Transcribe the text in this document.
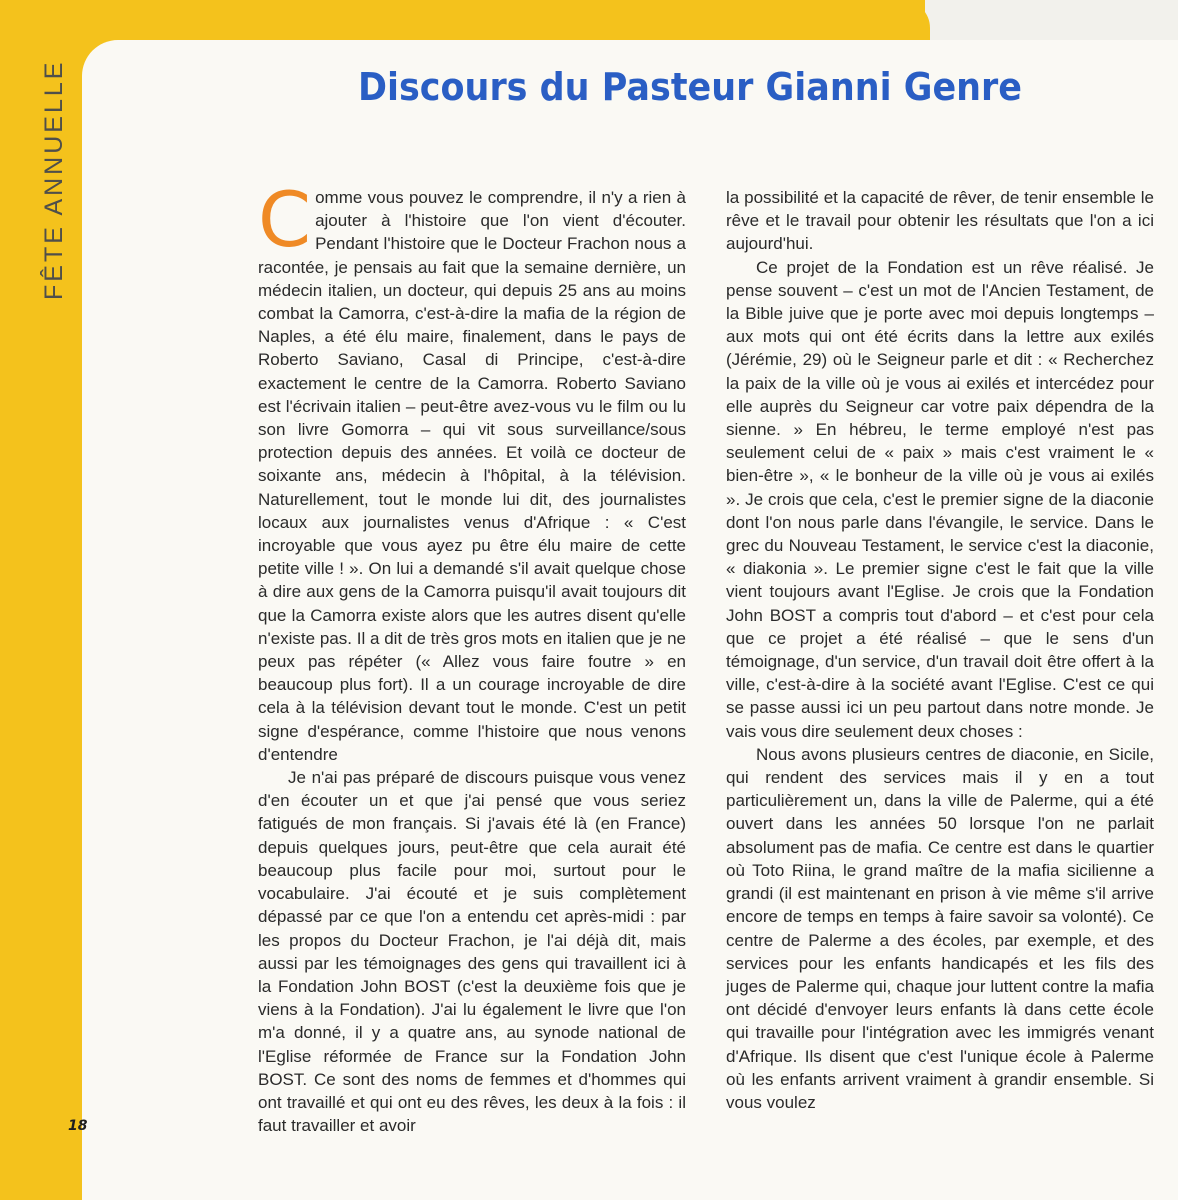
FÊTE ANNUELLE
18
Discours du Pasteur Gianni Genre

Comme vous pouvez le comprendre, il n'y a rien à ajouter à l'histoire que l'on vient d'écouter. Pendant l'histoire que le Docteur Frachon nous a racontée, je pensais au fait que la semaine dernière, un médecin italien, un docteur, qui depuis 25 ans au moins combat la Camorra, c'est-à-dire la mafia de la région de Naples, a été élu maire, finalement, dans le pays de Roberto Saviano, Casal di Principe, c'est-à-dire exactement le centre de la Camorra. Roberto Saviano est l'écrivain italien – peut-être avez-vous vu le film ou lu son livre Gomorra – qui vit sous surveillance/sous protection depuis des années. Et voilà ce docteur de soixante ans, médecin à l'hôpital, à la télévision. Naturellement, tout le monde lui dit, des journalistes locaux aux journalistes venus d'Afrique : « C'est incroyable que vous ayez pu être élu maire de cette petite ville ! ». On lui a demandé s'il avait quelque chose à dire aux gens de la Camorra puisqu'il avait toujours dit que la Camorra existe alors que les autres disent qu'elle n'existe pas. Il a dit de très gros mots en italien que je ne peux pas répéter (« Allez vous faire foutre » en beaucoup plus fort). Il a un courage incroyable de dire cela à la télévision devant tout le monde. C'est un petit signe d'espérance, comme l'histoire que nous venons d'entendre

Je n'ai pas préparé de discours puisque vous venez d'en écouter un et que j'ai pensé que vous seriez fatigués de mon français. Si j'avais été là (en France) depuis quelques jours, peut-être que cela aurait été beaucoup plus facile pour moi, surtout pour le vocabulaire. J'ai écouté et je suis complètement dépassé par ce que l'on a entendu cet après-midi : par les propos du Docteur Frachon, je l'ai déjà dit, mais aussi par les témoignages des gens qui travaillent ici à la Fondation John BOST (c'est la deuxième fois que je viens à la Fondation). J'ai lu également le livre que l'on m'a donné, il y a quatre ans, au synode national de l'Eglise réformée de France sur la Fondation John BOST. Ce sont des noms de femmes et d'hommes qui ont travaillé et qui ont eu des rêves, les deux à la fois : il faut travailler et avoir

la possibilité et la capacité de rêver, de tenir ensemble le rêve et le travail pour obtenir les résultats que l'on a ici aujourd'hui.

Ce projet de la Fondation est un rêve réalisé. Je pense souvent – c'est un mot de l'Ancien Testament, de la Bible juive que je porte avec moi depuis longtemps – aux mots qui ont été écrits dans la lettre aux exilés (Jérémie, 29) où le Seigneur parle et dit : « Recherchez la paix de la ville où je vous ai exilés et intercédez pour elle auprès du Seigneur car votre paix dépendra de la sienne. » En hébreu, le terme employé n'est pas seulement celui de « paix » mais c'est vraiment le « bien-être », « le bonheur de la ville où je vous ai exilés ». Je crois que cela, c'est le premier signe de la diaconie dont l'on nous parle dans l'évangile, le service. Dans le grec du Nouveau Testament, le service c'est la diaconie, « diakonia ». Le premier signe c'est le fait que la ville vient toujours avant l'Eglise. Je crois que la Fondation John BOST a compris tout d'abord – et c'est pour cela que ce projet a été réalisé – que le sens d'un témoignage, d'un service, d'un travail doit être offert à la ville, c'est-à-dire à la société avant l'Eglise. C'est ce qui se passe aussi ici un peu partout dans notre monde. Je vais vous dire seulement deux choses :

Nous avons plusieurs centres de diaconie, en Sicile, qui rendent des services mais il y en a tout particulièrement un, dans la ville de Palerme, qui a été ouvert dans les années 50 lorsque l'on ne parlait absolument pas de mafia. Ce centre est dans le quartier où Toto Riina, le grand maître de la mafia sicilienne a grandi (il est maintenant en prison à vie même s'il arrive encore de temps en temps à faire savoir sa volonté). Ce centre de Palerme a des écoles, par exemple, et des services pour les enfants handicapés et les fils des juges de Palerme qui, chaque jour luttent contre la mafia ont décidé d'envoyer leurs enfants là dans cette école qui travaille pour l'intégration avec les immigrés venant d'Afrique. Ils disent que c'est l'unique école à Palerme où les enfants arrivent vraiment à grandir ensemble. Si vous voulez
